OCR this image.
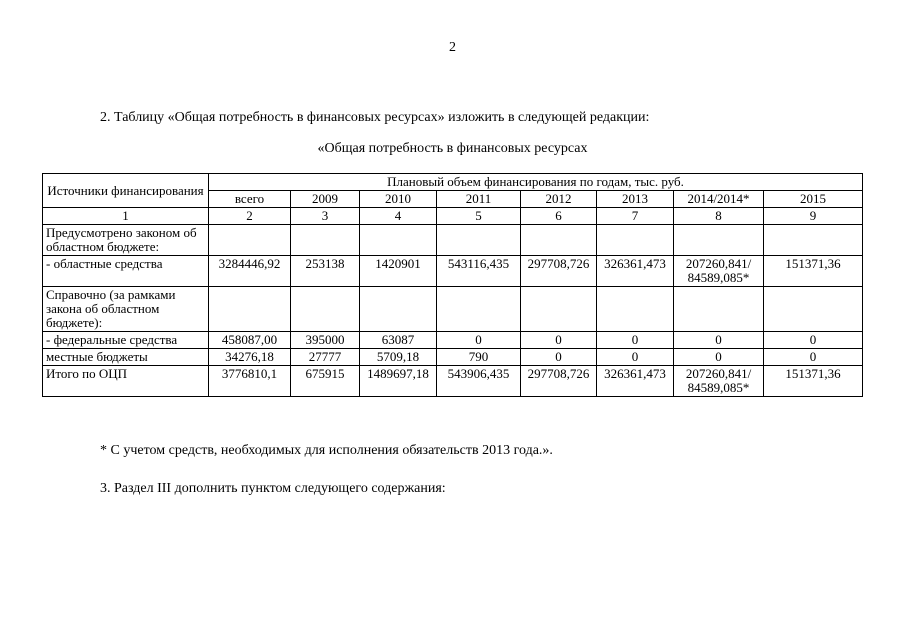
2
2. Таблицу «Общая потребность в финансовых ресурсах» изложить в следующей редакции:
«Общая потребность в финансовых ресурсах
Источники финансирования	Плановый объем финансирования по годам, тыс. руб.							
	всего	2009	2010	2011	2012	2013	2014/2014*	2015
1	2	3	4	5	6	7	8	9
Предусмотрено законом об областном бюджете:								
- областные средства	3284446,92	253138	1420901	543116,435	297708,726	326361,473	207260,841/ 84589,085*	151371,36
Справочно (за рамками закона об областном бюджете):								
- федеральные средства	458087,00	395000	63087	0	0	0	0	0
местные бюджеты	34276,18	27777	5709,18	790	0	0	0	0
Итого по ОЦП	3776810,1	675915	1489697,18	543906,435	297708,726	326361,473	207260,841/ 84589,085*	151371,36
* С учетом средств, необходимых для исполнения обязательств 2013 года.».
3. Раздел III дополнить пунктом следующего содержания:
